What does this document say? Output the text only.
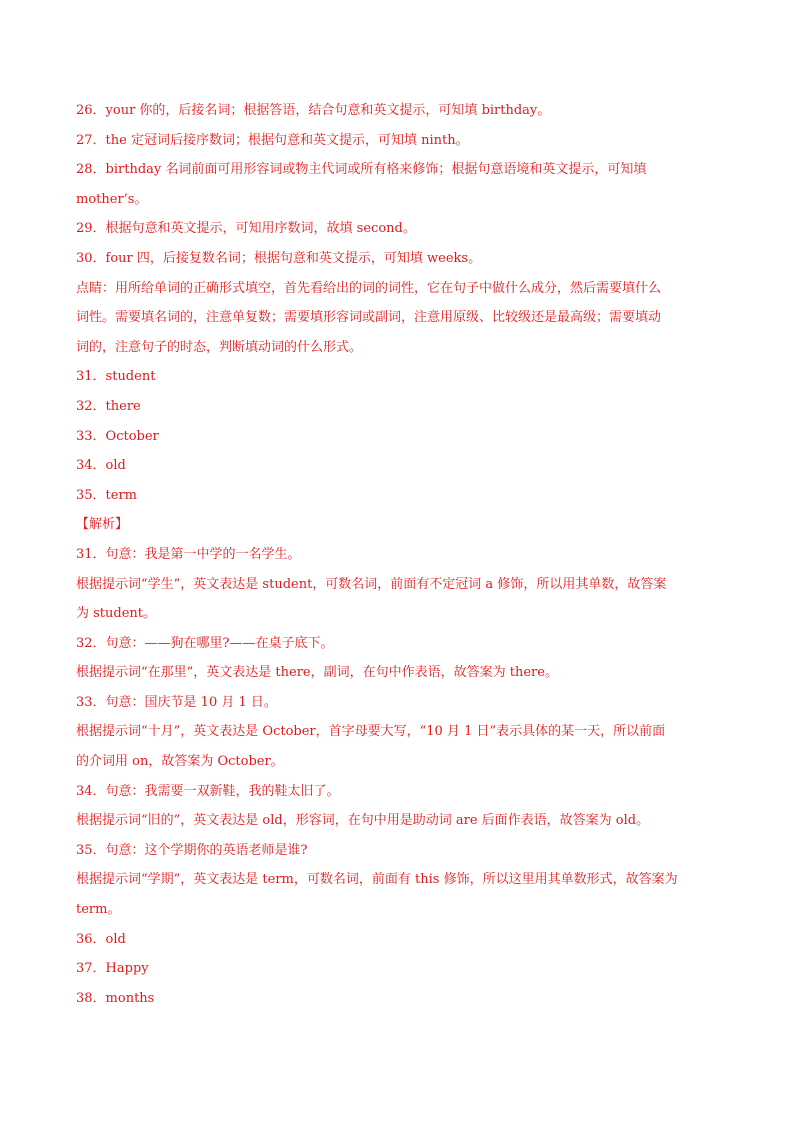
26．your 你的，后接名词；根据答语，结合句意和英文提示，可知填 birthday。
27．the 定冠词后接序数词；根据句意和英文提示，可知填 ninth。
28．birthday 名词前面可用形容词或物主代词或所有格来修饰；根据句意语境和英文提示，可知填
mother’s。
29．根据句意和英文提示，可知用序数词，故填 second。
30．four 四，后接复数名词；根据句意和英文提示，可知填 weeks。
点睛：用所给单词的正确形式填空，首先看给出的词的词性，它在句子中做什么成分，然后需要填什么
词性。需要填名词的，注意单复数；需要填形容词或副词，注意用原级、比较级还是最高级；需要填动
词的，注意句子的时态，判断填动词的什么形式。
31．student
32．there
33．October
34．old
35．term
【解析】
31．句意：我是第一中学的一名学生。
根据提示词“学生”，英文表达是 student，可数名词，前面有不定冠词 a 修饰，所以用其单数，故答案
为 student。
32．句意：——狗在哪里?——在桌子底下。
根据提示词“在那里”，英文表达是 there，副词，在句中作表语，故答案为 there。
33．句意：国庆节是 10 月 1 日。
根据提示词“十月”，英文表达是 October，首字母要大写，“10 月 1 日”表示具体的某一天，所以前面
的介词用 on，故答案为 October。
34．句意：我需要一双新鞋，我的鞋太旧了。
根据提示词“旧的”，英文表达是 old，形容词，在句中用是助动词 are 后面作表语，故答案为 old。
35．句意：这个学期你的英语老师是谁?
根据提示词“学期”，英文表达是 term，可数名词，前面有 this 修饰，所以这里用其单数形式，故答案为
term。
36．old
37．Happy
38．months
